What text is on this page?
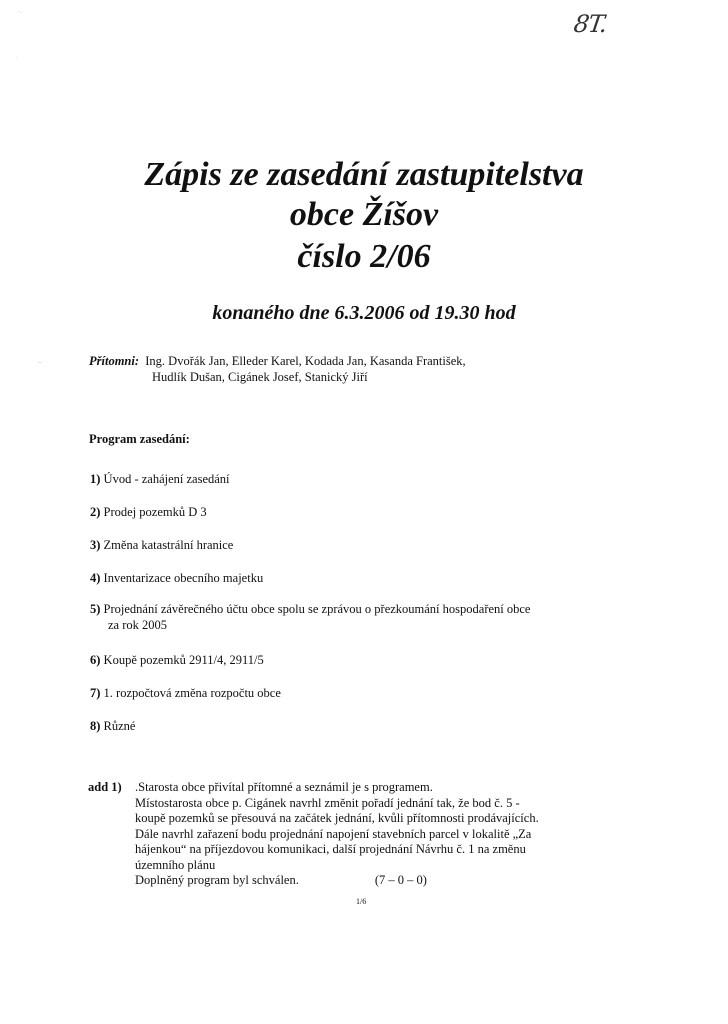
·..
·
--
8T.
Zápis ze zasedání zastupitelstva
obce Žíšov
číslo 2/06
konaného dne 6.3.2006 od 19.30 hod
Přítomni: Ing. Dvořák Jan, Elleder Karel, Kodada Jan, Kasanda František,
Hudlík Dušan, Cigánek Josef, Stanický Jiří
Program zasedání:
1) Úvod - zahájení zasedání
2) Prodej pozemků D 3
3) Změna katastrální hranice
4) Inventarizace obecního majetku
5) Projednání závěrečného účtu obce spolu se zprávou o přezkoumání hospodaření obce
za rok 2005
6) Koupě pozemků 2911/4, 2911/5
7) 1. rozpočtová změna rozpočtu obce
8) Různé
add 1) .Starosta obce přivítal přítomné a seznámil je s programem.
Místostarosta obce p. Cigánek navrhl změnit pořadí jednání tak, že bod č. 5 -
koupě pozemků se přesouvá na začátek jednání, kvůli přítomnosti prodávajících.
Dále navrhl zařazení bodu projednání napojení stavebních parcel v lokalitě „Za
hájenkou“ na příjezdovou komunikaci, další projednání Návrhu č. 1 na změnu
územního plánu
Doplněný program byl schválen.	(7 – 0 – 0)
1/6
